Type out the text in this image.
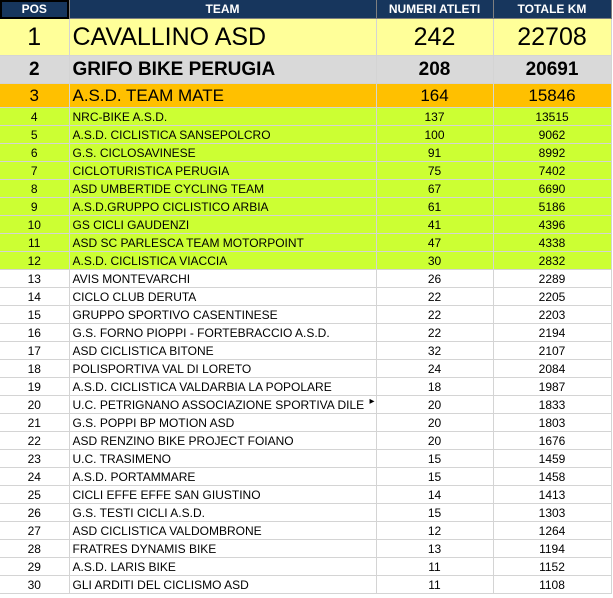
POS	TEAM	NUMERI ATLETI	TOTALE KM
1	CAVALLINO ASD	242	22708
2	GRIFO BIKE PERUGIA	208	20691
3	A.S.D. TEAM MATE	164	15846
4	NRC-BIKE A.S.D.	137	13515
5	A.S.D. CICLISTICA SANSEPOLCRO	100	9062
6	G.S. CICLOSAVINESE	91	8992
7	CICLOTURISTICA PERUGIA	75	7402
8	ASD UMBERTIDE CYCLING TEAM	67	6690
9	A.S.D.GRUPPO CICLISTICO ARBIA	61	5186
10	GS CICLI GAUDENZI	41	4396
11	ASD SC PARLESCA TEAM MOTORPOINT	47	4338
12	A.S.D. CICLISTICA VIACCIA	30	2832
13	AVIS MONTEVARCHI	26	2289
14	CICLO CLUB DERUTA	22	2205
15	GRUPPO SPORTIVO CASENTINESE	22	2203
16	G.S. FORNO PIOPPI - FORTEBRACCIO A.S.D.	22	2194
17	ASD CICLISTICA BITONE	32	2107
18	POLISPORTIVA VAL DI LORETO	24	2084
19	A.S.D. CICLISTICA VALDARBIA LA POPOLARE	18	1987
20	U.C. PETRIGNANO ASSOCIAZIONE SPORTIVA DILE ▸	20	1833
21	G.S. POPPI BP MOTION ASD	20	1803
22	ASD RENZINO BIKE PROJECT FOIANO	20	1676
23	U.C. TRASIMENO	15	1459
24	A.S.D. PORTAMMARE	15	1458
25	CICLI EFFE EFFE SAN GIUSTINO	14	1413
26	G.S. TESTI CICLI A.S.D.	15	1303
27	ASD CICLISTICA VALDOMBRONE	12	1264
28	FRATRES DYNAMIS BIKE	13	1194
29	A.S.D. LARIS BIKE	11	1152
30	GLI ARDITI DEL CICLISMO ASD	11	1108
